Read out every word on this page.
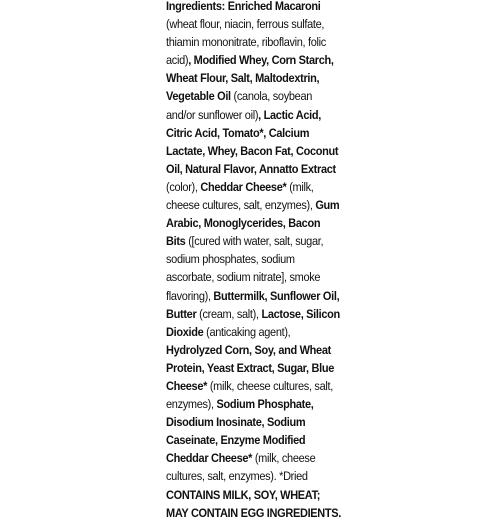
Ingredients: Enriched Macaroni (wheat flour, niacin, ferrous sulfate, thiamin mononitrate, riboflavin, folic acid), Modified Whey, Corn Starch, Wheat Flour, Salt, Maltodextrin, Vegetable Oil (canola, soybean and/or sunflower oil), Lactic Acid, Citric Acid, Tomato*, Calcium Lactate, Whey, Bacon Fat, Coconut Oil, Natural Flavor, Annatto Extract (color), Cheddar Cheese* (milk, cheese cultures, salt, enzymes), Gum Arabic, Monoglycerides, Bacon Bits ([cured with water, salt, sugar, sodium phosphates, sodium ascorbate, sodium nitrate], smoke flavoring), Buttermilk, Sunflower Oil, Butter (cream, salt), Lactose, Silicon Dioxide (anticaking agent), Hydrolyzed Corn, Soy, and Wheat Protein, Yeast Extract, Sugar, Blue Cheese* (milk, cheese cultures, salt, enzymes), Sodium Phosphate, Disodium Inosinate, Sodium Caseinate, Enzyme Modified Cheddar Cheese* (milk, cheese cultures, salt, enzymes). *Dried
CONTAINS MILK, SOY, WHEAT; MAY CONTAIN EGG INGREDIENTS.
